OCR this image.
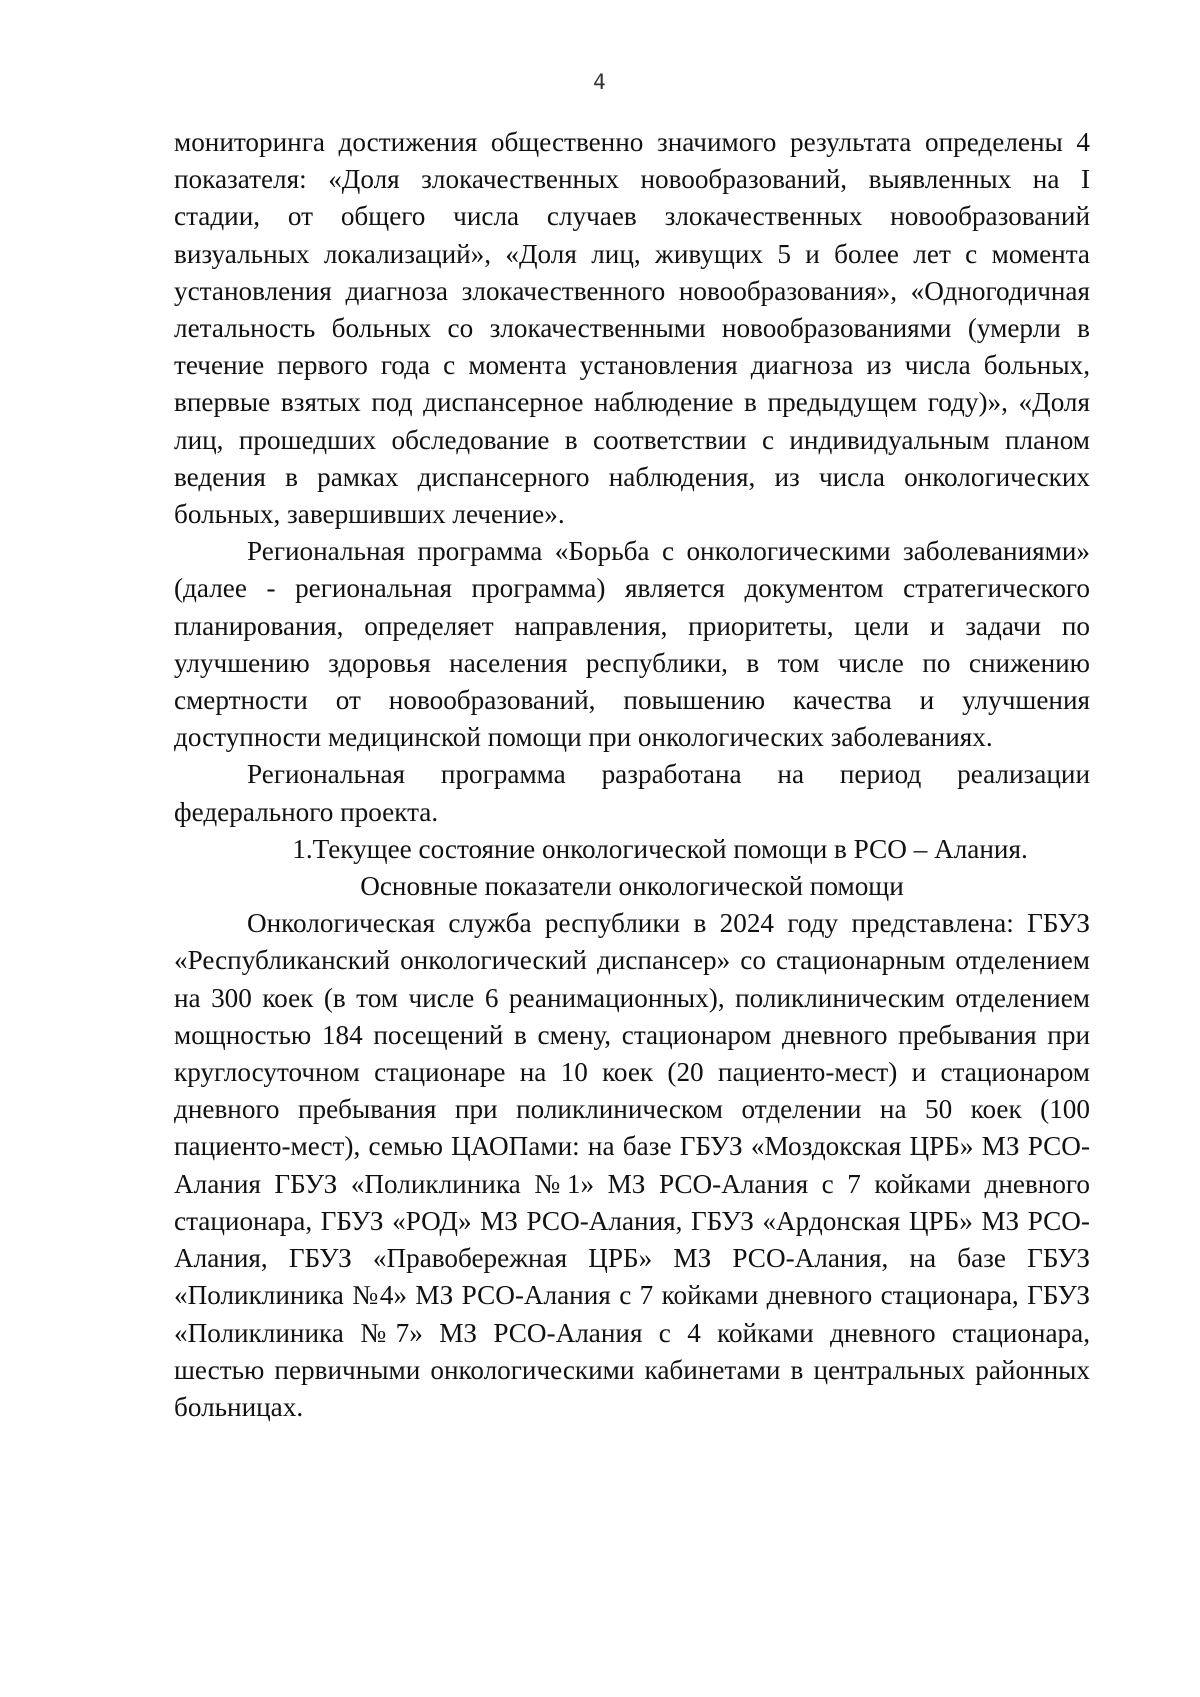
4

мониторинга достижения общественно значимого результата определены 4 показателя: «Доля злокачественных новообразований, выявленных на I стадии, от общего числа случаев злокачественных новообразований визуальных локализаций», «Доля лиц, живущих 5 и более лет с момента установления диагноза злокачественного новообразования», «Одногодичная летальность больных со злокачественными новообразованиями (умерли в течение первого года с момента установления диагноза из числа больных, впервые взятых под диспансерное наблюдение в предыдущем году)», «Доля лиц, прошедших обследование в соответствии с индивидуальным планом ведения в рамках диспансерного наблюдения, из числа онкологических больных, завершивших лечение».

Региональная программа «Борьба с онкологическими заболеваниями» (далее - региональная программа) является документом стратегического планирования, определяет направления, приоритеты, цели и задачи по улучшению здоровья населения республики, в том числе по снижению смертности от новообразований, повышению качества и улучшения доступности медицинской помощи при онкологических заболеваниях.

Региональная программа разработана на период реализации федерального проекта.

1.Текущее состояние онкологической помощи в РСО – Алания.

Основные показатели онкологической помощи

Онкологическая служба республики в 2024 году представлена: ГБУЗ «Республиканский онкологический диспансер» со стационарным отделением на 300 коек (в том числе 6 реанимационных), поликлиническим отделением мощностью 184 посещений в смену, стационаром дневного пребывания при круглосуточном стационаре на 10 коек (20 пациенто-мест) и стационаром дневного пребывания при поликлиническом отделении на 50 коек (100 пациенто-мест), семью ЦАОПами: на базе ГБУЗ «Моздокская ЦРБ» МЗ РСО-Алания ГБУЗ «Поликлиника №1» МЗ РСО-Алания с 7 койками дневного стационара, ГБУЗ «РОД» МЗ РСО-Алания, ГБУЗ «Ардонская ЦРБ» МЗ РСО-Алания, ГБУЗ «Правобережная ЦРБ» МЗ РСО-Алания, на базе ГБУЗ «Поликлиника №4» МЗ РСО-Алания с 7 койками дневного стационара, ГБУЗ «Поликлиника №7» МЗ РСО-Алания с 4 койками дневного стационара, шестью первичными онкологическими кабинетами в центральных районных больницах.
